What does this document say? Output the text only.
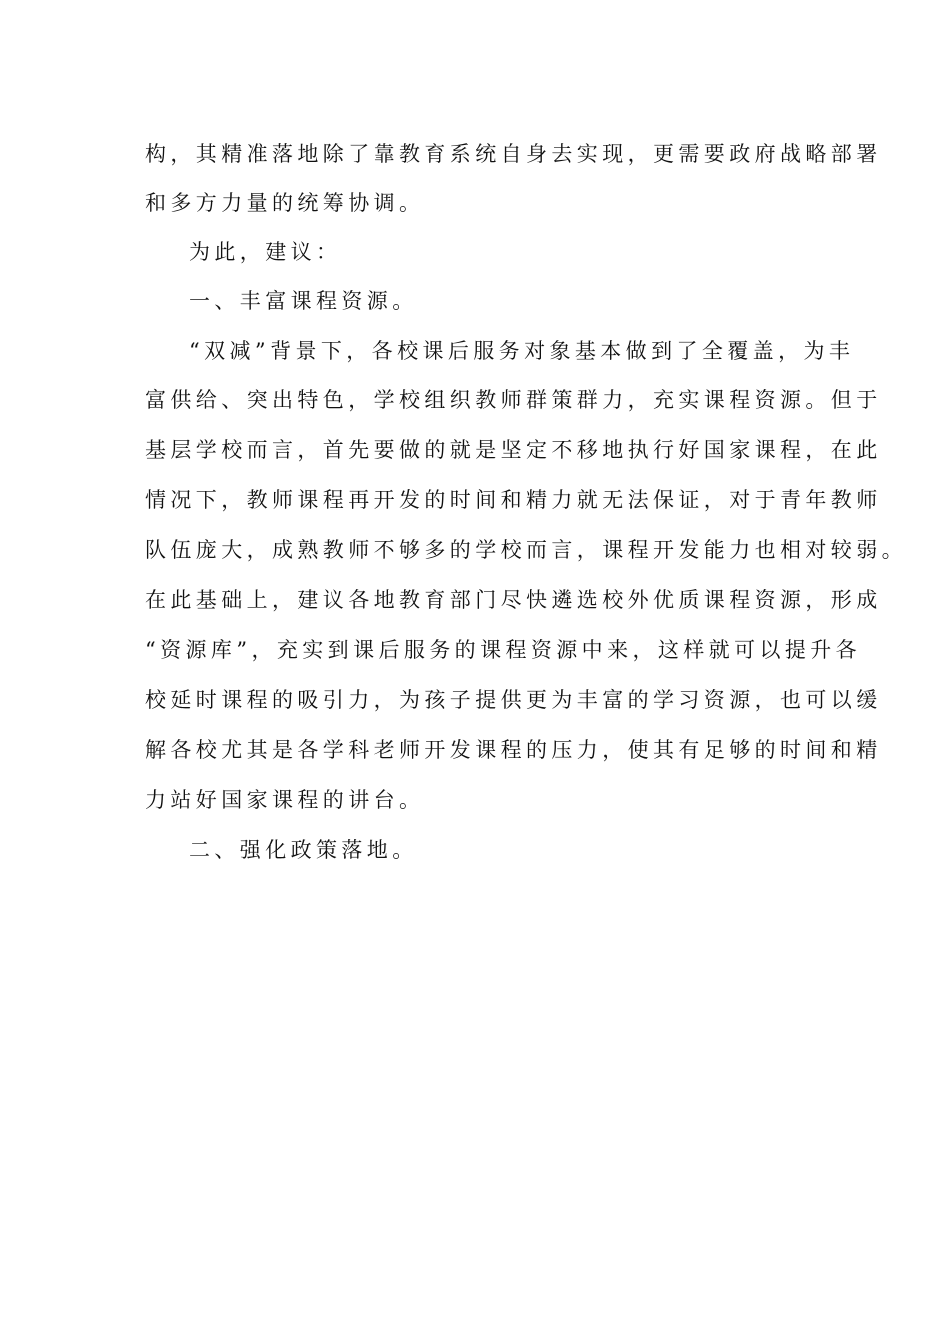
构，其精准落地除了靠教育系统自身去实现，更需要政府战略部署
和多方力量的统筹协调。
为此，建议：
一、丰富课程资源。
“双减”背景下，各校课后服务对象基本做到了全覆盖，为丰
富供给、突出特色，学校组织教师群策群力，充实课程资源。但于
基层学校而言，首先要做的就是坚定不移地执行好国家课程，在此
情况下，教师课程再开发的时间和精力就无法保证，对于青年教师
队伍庞大，成熟教师不够多的学校而言，课程开发能力也相对较弱。
在此基础上，建议各地教育部门尽快遴选校外优质课程资源，形成
“资源库”，充实到课后服务的课程资源中来，这样就可以提升各
校延时课程的吸引力，为孩子提供更为丰富的学习资源，也可以缓
解各校尤其是各学科老师开发课程的压力，使其有足够的时间和精
力站好国家课程的讲台。
二、强化政策落地。
